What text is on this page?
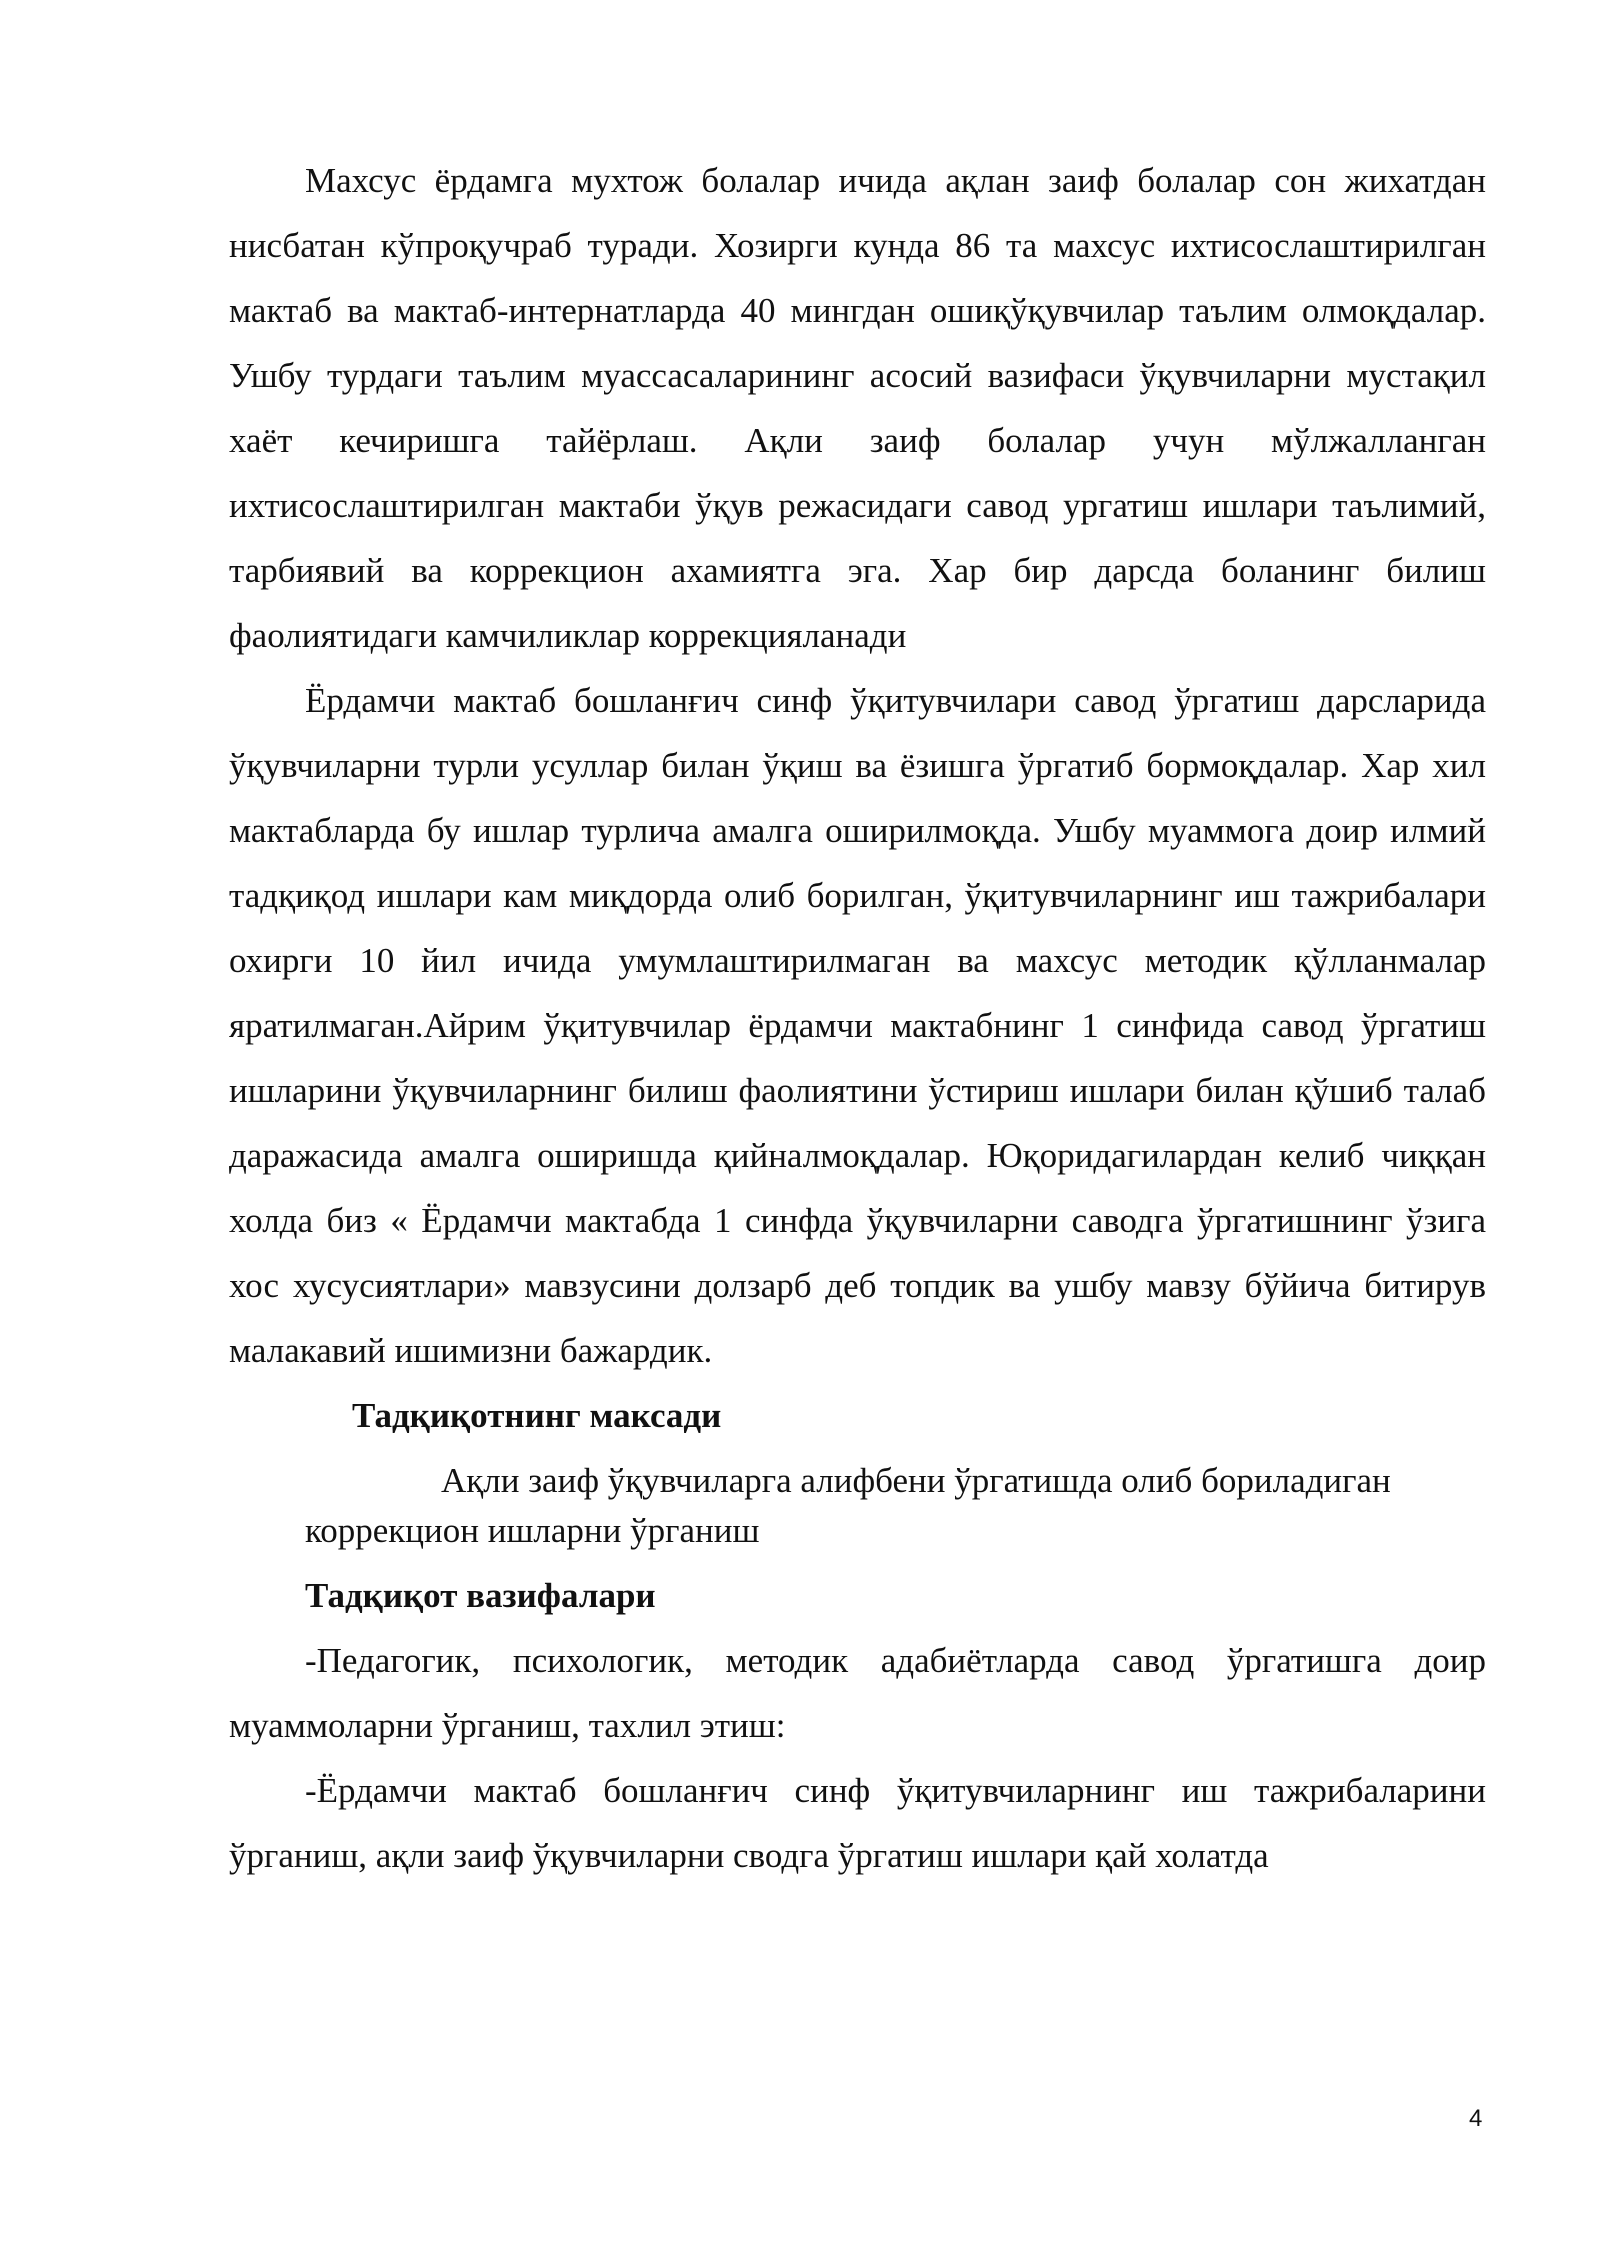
Махсус ёрдамга мухтож болалар ичида ақлан заиф болалар сон жихатдан нисбатан кўпроқучраб туради. Хозирги кунда 86 та махсус ихтисослаштирилган мактаб ва мактаб-интернатларда 40 мингдан ошиқўқувчилар таълим олмоқдалар. Ушбу турдаги таълим муассасаларининг асосий вазифаси ўқувчиларни мустақил хаёт кечиришга тайёрлаш. Ақли заиф болалар учун мўлжалланган ихтисослаштирилган мактаби ўқув режасидаги савод ургатиш ишлари таълимий, тарбиявий ва коррекцион ахамиятга эга. Хар бир дарсда боланинг билиш фаолиятидаги камчиликлар коррекцияланади

Ёрдамчи мактаб бошланғич синф ўқитувчилари савод ўргатиш дарсларида ўқувчиларни турли усуллар билан ўқиш ва ёзишга ўргатиб бормоқдалар. Хар хил мактабларда бу ишлар турлича амалга оширилмоқда. Ушбу муаммога доир илмий тадқиқод ишлари кам миқдорда олиб борилган, ўқитувчиларнинг иш тажрибалари охирги 10 йил ичида умумлаштирилмаган ва махсус методик қўлланмалар яратилмаган.Айрим ўқитувчилар ёрдамчи мактабнинг 1 синфида савод ўргатиш ишларини ўқувчиларнинг билиш фаолиятини ўстириш ишлари билан қўшиб талаб даражасида амалга оширишда қийналмоқдалар. Юқоридагилардан келиб чиққан холда биз « Ёрдамчи мактабда 1 синфда ўқувчиларни саводга ўргатишнинг ўзига хос хусусиятлари» мавзусини долзарб деб топдик ва ушбу мавзу бўйича битирув малакавий ишимизни бажардик.

Тадқиқотнинг максади

Ақли заиф ўқувчиларга алифбени ўргатишда олиб бориладиган
коррекцион ишларни ўрганиш

Тадқиқот вазифалари

-Педагогик, психологик, методик адабиётларда савод ўргатишга доир муаммоларни ўрганиш, тахлил этиш:

-Ёрдамчи мактаб бошланғич синф ўқитувчиларнинг иш тажрибаларини ўрганиш, ақли заиф ўқувчиларни сводга ўргатиш ишлари қай холатда

4
